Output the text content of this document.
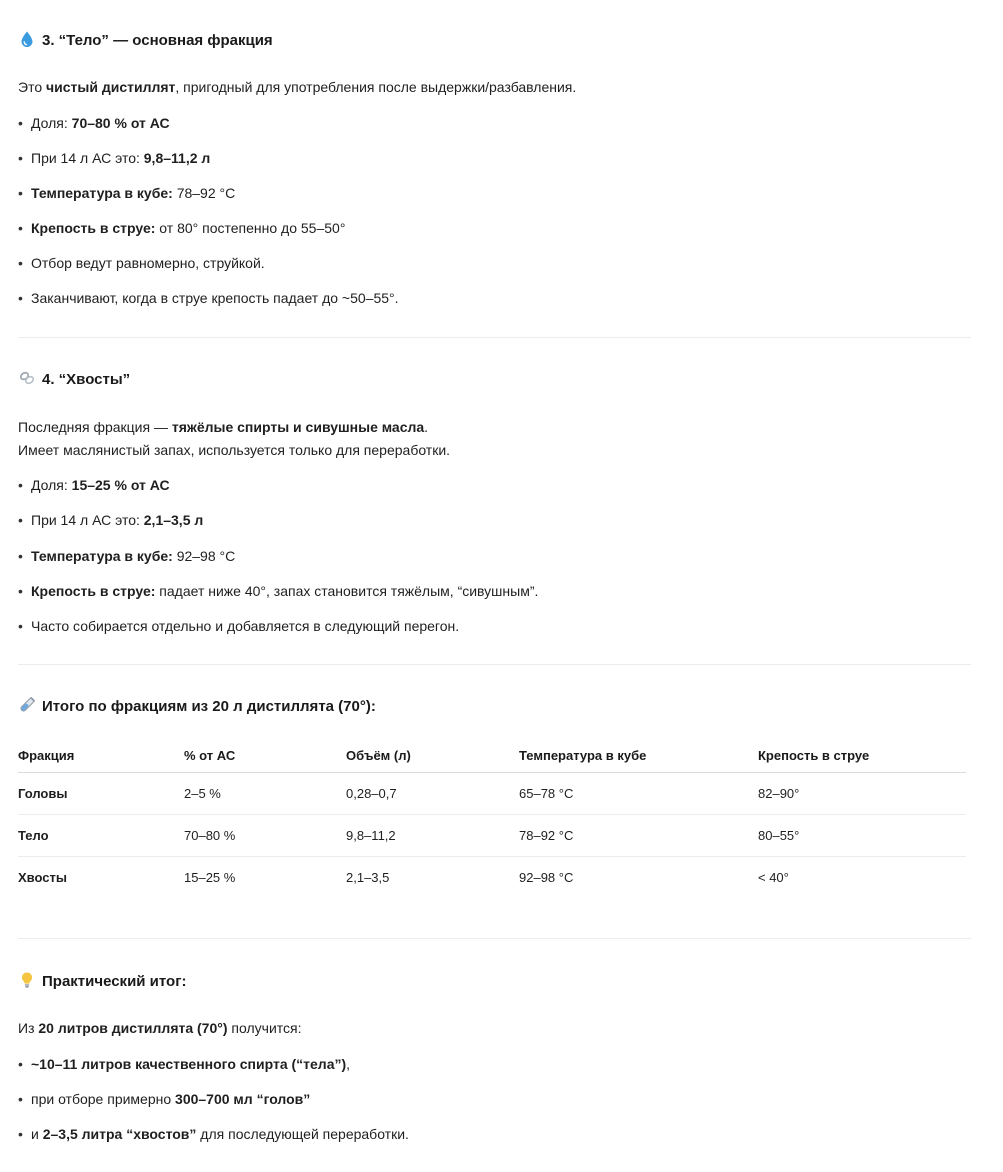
3. “Тело” — основная фракция

Это чистый дистиллят, пригодный для употребления после выдержки/разбавления.

• Доля: 70–80 % от АС
• При 14 л АС это: 9,8–11,2 л
• Температура в кубе: 78–92 °C
• Крепость в струе: от 80° постепенно до 55–50°
• Отбор ведут равномерно, струйкой.
• Заканчивают, когда в струе крепость падает до ~50–55°.
4. “Хвосты”

Последняя фракция — тяжёлые спирты и сивушные масла.

Имеет маслянистый запах, используется только для переработки.

• Доля: 15–25 % от АС
• При 14 л АС это: 2,1–3,5 л
• Температура в кубе: 92–98 °C
• Крепость в струе: падает ниже 40°, запах становится тяжёлым, “сивушным”.
• Часто собирается отдельно и добавляется в следующий перегон.
Итого по фракциям из 20 л дистиллята (70°):
Фракция	% от АС	Объём (л)	Температура в кубе	Крепость в струе
Головы	2–5 %	0,28–0,7	65–78 °C	82–90°
Тело	70–80 %	9,8–11,2	78–92 °C	80–55°
Хвосты	15–25 %	2,1–3,5	92–98 °C	< 40°
Практический итог:

Из 20 литров дистиллята (70°) получится:

• ~10–11 литров качественного спирта (“тела”),
• при отборе примерно 300–700 мл “голов”
• и 2–3,5 литра “хвостов” для последующей переработки.
